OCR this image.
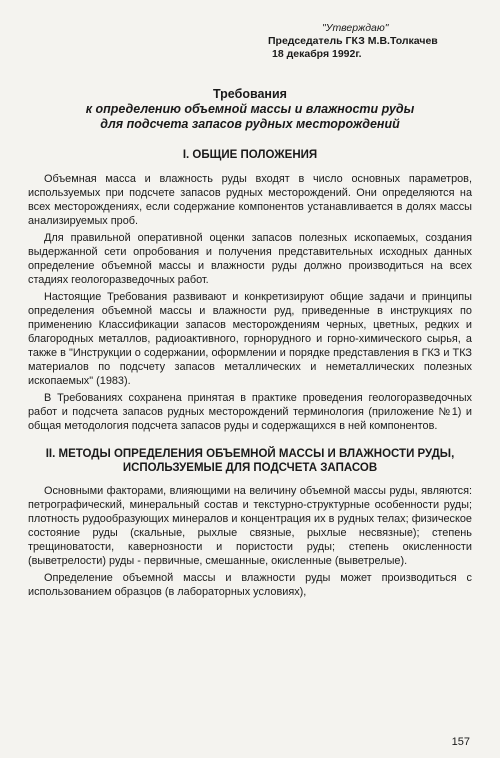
"Утверждаю"
Председатель ГКЗ М.В.Толкачев
18 декабря 1992г.
Требования
к определению объемной массы и влажности руды
для подсчета запасов рудных месторождений
I. ОБЩИЕ ПОЛОЖЕНИЯ

Объемная масса и влажность руды входят в число основных параметров, используемых при подсчете запасов рудных месторождений. Они определяются на всех месторождениях, если содержание компонентов устанавливается в долях массы анализируемых проб.

Для правильной оперативной оценки запасов полезных ископаемых, создания выдержанной сети опробования и получения представительных исходных данных определение объемной массы и влажности руды должно производиться на всех стадиях геологоразведочных работ.

Настоящие Требования развивают и конкретизируют общие задачи и принципы определения объемной массы и влажности руд, приведенные в инструкциях по применению Классификации запасов месторождениям черных, цветных, редких и благородных металлов, радиоактивного, горнорудного и горно-химического сырья, а также в "Инструкции о содержании, оформлении и порядке представления в ГКЗ и ТКЗ материалов по подсчету запасов металлических и неметаллических полезных ископаемых" (1983).

В Требованиях сохранена принятая в практике проведения геологоразведочных работ и подсчета запасов рудных месторождений терминология (приложение №1) и общая методология подсчета запасов руды и содержащихся в ней компонентов.

II. МЕТОДЫ ОПРЕДЕЛЕНИЯ ОБЪЕМНОЙ МАССЫ И ВЛАЖНОСТИ РУДЫ,
ИСПОЛЬЗУЕМЫЕ ДЛЯ ПОДСЧЕТА ЗАПАСОВ

Основными факторами, влияющими на величину объемной массы руды, являются: петрографический, минеральный состав и текстурно-структурные особенности руды; плотность рудообразующих минералов и концентрация их в рудных телах; физическое состояние руды (скальные, рыхлые связные, рыхлые несвязные); степень трещиноватости, кавернозности и пористости руды; степень окисленности (выветрелости) руды - первичные, смешанные, окисленные (выветрелые).

Определение объемной массы и влажности руды может производиться с использованием образцов (в лабораторных условиях),

157
